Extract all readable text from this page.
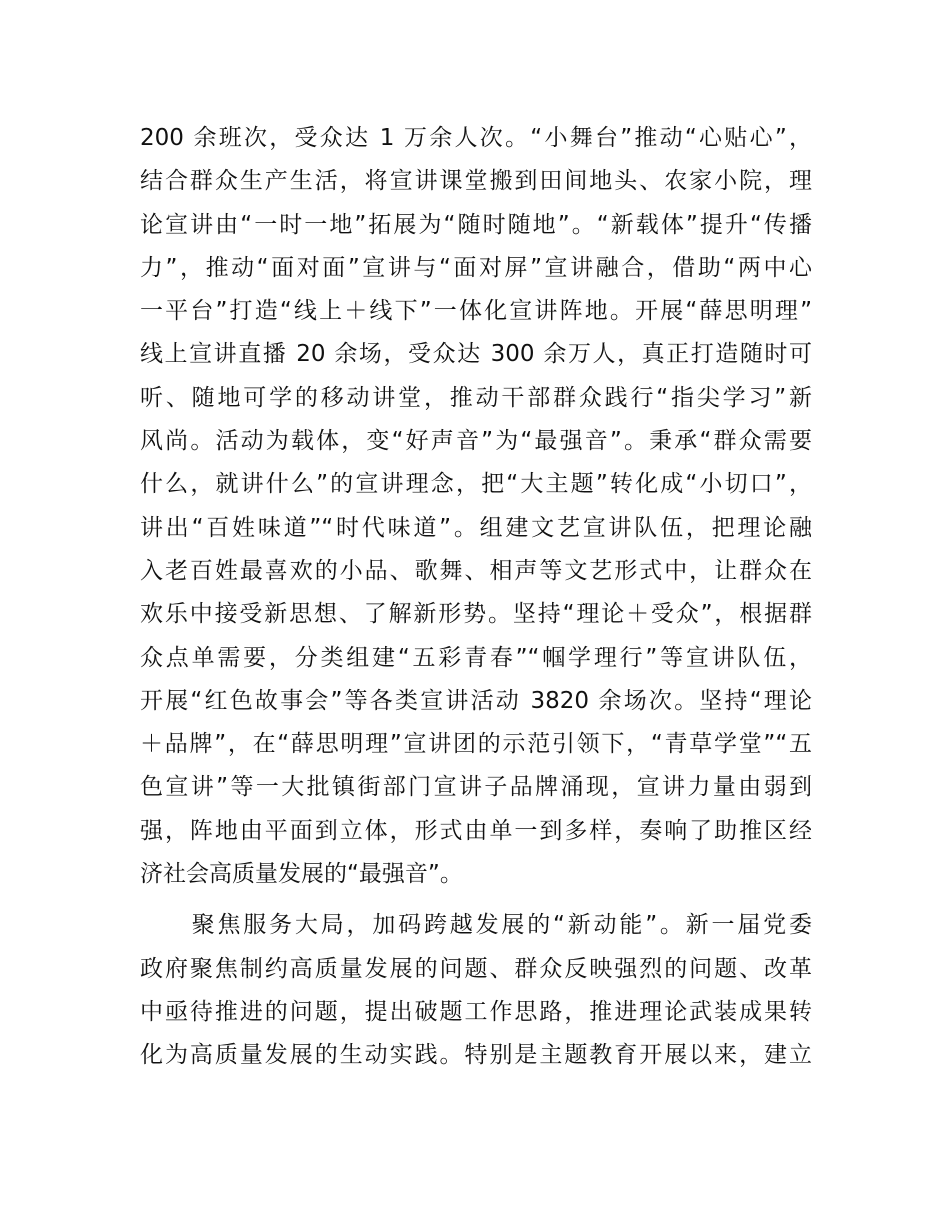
200 余班次，受众达 1 万余人次。“小舞台”推动“心贴心”，
结合群众生产生活，将宣讲课堂搬到田间地头、农家小院，理
论宣讲由“一时一地”拓展为“随时随地”。“新载体”提升“传播
力”，推动“面对面”宣讲与“面对屏”宣讲融合，借助“两中心
一平台”打造“线上＋线下”一体化宣讲阵地。开展“薛思明理”
线上宣讲直播 20 余场，受众达 300 余万人，真正打造随时可
听、随地可学的移动讲堂，推动干部群众践行“指尖学习”新
风尚。活动为载体，变“好声音”为“最强音”。秉承“群众需要
什么，就讲什么”的宣讲理念，把“大主题”转化成“小切口”，
讲出“百姓味道”“时代味道”。组建文艺宣讲队伍，把理论融
入老百姓最喜欢的小品、歌舞、相声等文艺形式中，让群众在
欢乐中接受新思想、了解新形势。坚持“理论＋受众”，根据群
众点单需要，分类组建“五彩青春”“帼学理行”等宣讲队伍，
开展“红色故事会”等各类宣讲活动 3820 余场次。坚持“理论
＋品牌”，在“薛思明理”宣讲团的示范引领下，“青草学堂”“五
色宣讲”等一大批镇街部门宣讲子品牌涌现，宣讲力量由弱到
强，阵地由平面到立体，形式由单一到多样，奏响了助推区经
济社会高质量发展的“最强音”。
　　聚焦服务大局，加码跨越发展的“新动能”。新一届党委
政府聚焦制约高质量发展的问题、群众反映强烈的问题、改革
中亟待推进的问题，提出破题工作思路，推进理论武装成果转
化为高质量发展的生动实践。特别是主题教育开展以来，建立
